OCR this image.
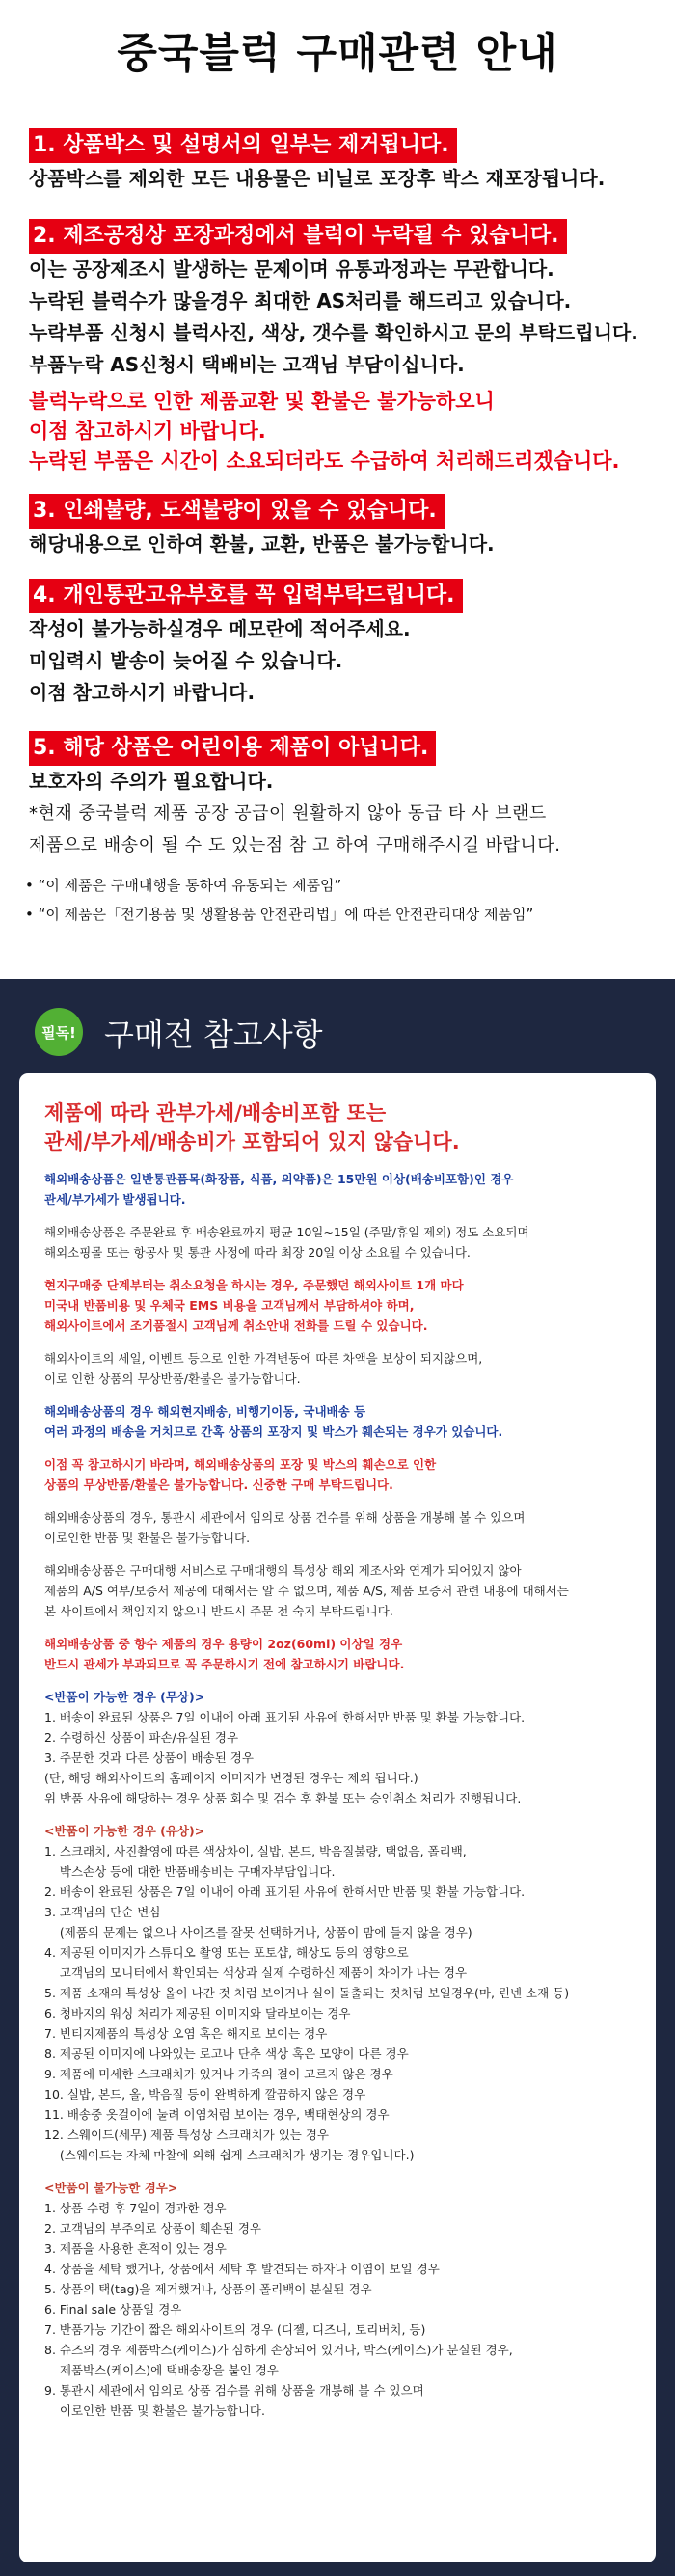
중국블럭 구매관련 안내
1. 상품박스 및 설명서의 일부는 제거됩니다.
상품박스를 제외한 모든 내용물은 비닐로 포장후 박스 재포장됩니다.
2. 제조공정상 포장과정에서 블럭이 누락될 수 있습니다.
이는 공장제조시 발생하는 문제이며 유통과정과는 무관합니다.
누락된 블럭수가 많을경우 최대한 AS처리를 해드리고 있습니다.
누락부품 신청시 블럭사진, 색상, 갯수를 확인하시고 문의 부탁드립니다.
부품누락 AS신청시 택배비는 고객님 부담이십니다.
블럭누락으로 인한 제품교환 및 환불은 불가능하오니
이점 참고하시기 바랍니다.
누락된 부품은 시간이 소요되더라도 수급하여 처리해드리겠습니다.
3. 인쇄불량, 도색불량이 있을 수 있습니다.
해당내용으로 인하여 환불, 교환, 반품은 불가능합니다.
4. 개인통관고유부호를 꼭 입력부탁드립니다.
작성이 불가능하실경우 메모란에 적어주세요.
미입력시 발송이 늦어질 수 있습니다.
이점 참고하시기 바랍니다.
5. 해당 상품은 어린이용 제품이 아닙니다.
보호자의 주의가 필요합니다.
*현재 중국블럭 제품 공장 공급이 원활하지 않아 동급 타 사 브랜드
제품으로 배송이 될 수 도 있는점 참 고 하여 구매해주시길 바랍니다.
• “이 제품은 구매대행을 통하여 유통되는 제품임”
• “이 제품은「전기용품 및 생활용품 안전관리법」에 따른 안전관리대상 제품임”
필독! 구매전 참고사항
제품에 따라 관부가세/배송비포함 또는
관세/부가세/배송비가 포함되어 있지 않습니다.
해외배송상품은 일반통관품목(화장품, 식품, 의약품)은 15만원 이상(배송비포함)인 경우
관세/부가세가 발생됩니다.
해외배송상품은 주문완료 후 배송완료까지 평균 10일~15일 (주말/휴일 제외) 정도 소요되며
해외소핑몰 또는 항공사 및 통관 사정에 따라 최장 20일 이상 소요될 수 있습니다.
현지구매중 단계부터는 취소요청을 하시는 경우, 주문했던 해외사이트 1개 마다
미국내 반품비용 및 우체국 EMS 비용을 고객님께서 부담하셔야 하며,
해외사이트에서 조기품절시 고객님께 취소안내 전화를 드릴 수 있습니다.
해외사이트의 세일, 이벤트 등으로 인한 가격변동에 따른 차액을 보상이 되지않으며,
이로 인한 상품의 무상반품/환불은 불가능합니다.
해외배송상품의 경우 해외현지배송, 비행기이동, 국내배송 등
여러 과정의 배송을 거치므로 간혹 상품의 포장지 및 박스가 훼손되는 경우가 있습니다.
이점 꼭 참고하시기 바라며, 해외배송상품의 포장 및 박스의 훼손으로 인한
상품의 무상반품/환불은 불가능합니다. 신중한 구매 부탁드립니다.
해외배송상품의 경우, 통관시 세관에서 임의로 상품 건수를 위해 상품을 개봉해 볼 수 있으며
이로인한 반품 및 환불은 불가능합니다.
해외배송상품은 구매대행 서비스로 구매대행의 특성상 해외 제조사와 연계가 되어있지 않아
제품의 A/S 여부/보증서 제공에 대해서는 알 수 없으며, 제품 A/S, 제품 보증서 관련 내용에 대해서는
본 사이트에서 책임지지 않으니 반드시 주문 전 숙지 부탁드립니다.
해외배송상품 중 향수 제품의 경우 용량이 2oz(60ml) 이상일 경우
반드시 관세가 부과되므로 꼭 주문하시기 전에 참고하시기 바랍니다.
<반품이 가능한 경우 (무상)>
1. 배송이 완료된 상품은 7일 이내에 아래 표기된 사유에 한해서만 반품 및 환불 가능합니다.
2. 수령하신 상품이 파손/유실된 경우
3. 주문한 것과 다른 상품이 배송된 경우
(단, 해당 해외사이트의 홈페이지 이미지가 변경된 경우는 제외 됩니다.)
위 반품 사유에 해당하는 경우 상품 회수 및 검수 후 환불 또는 승인취소 처리가 진행됩니다.
<반품이 가능한 경우 (유상)>
1. 스크래치, 사진촬영에 따른 색상차이, 실밥, 본드, 박음질불량, 택없음, 폴리백,
박스손상 등에 대한 반품배송비는 구매자부담입니다.
2. 배송이 완료된 상품은 7일 이내에 아래 표기된 사유에 한해서만 반품 및 환불 가능합니다.
3. 고객님의 단순 변심
(제품의 문제는 없으나 사이즈를 잘못 선택하거나, 상품이 맘에 들지 않을 경우)
4. 제공된 이미지가 스튜디오 촬영 또는 포토샵, 해상도 등의 영향으로
고객님의 모니터에서 확인되는 색상과 실제 수령하신 제품이 차이가 나는 경우
5. 제품 소재의 특성상 올이 나간 것 처럼 보이거나 실이 돌출되는 것처럼 보일경우(마, 린넨 소재 등)
6. 청바지의 워싱 처리가 제공된 이미지와 달라보이는 경우
7. 빈티지제품의 특성상 오염 혹은 해지로 보이는 경우
8. 제공된 이미지에 나와있는 로고나 단추 색상 혹은 모양이 다른 경우
9. 제품에 미세한 스크래치가 있거나 가죽의 결이 고르지 않은 경우
10. 실밥, 본드, 올, 박음질 등이 완벽하게 깔끔하지 않은 경우
11. 배송중 옷걸이에 눌려 이염처럼 보이는 경우, 백태현상의 경우
12. 스웨이드(세무) 제품 특성상 스크래치가 있는 경우
(스웨이드는 자체 마찰에 의해 쉽게 스크래치가 생기는 경우입니다.)
<반품이 불가능한 경우>
1. 상품 수령 후 7일이 경과한 경우
2. 고객님의 부주의로 상품이 훼손된 경우
3. 제품을 사용한 흔적이 있는 경우
4. 상품을 세탁 했거나, 상품에서 세탁 후 발견되는 하자나 이염이 보일 경우
5. 상품의 택(tag)을 제거했거나, 상품의 폴리백이 분실된 경우
6. Final sale 상품일 경우
7. 반품가능 기간이 짧은 해외사이트의 경우 (디젤, 디즈니, 토리버치, 등)
8. 슈즈의 경우 제품박스(케이스)가 심하게 손상되어 있거나, 박스(케이스)가 분실된 경우,
제품박스(케이스)에 택배송장을 붙인 경우
9. 통관시 세관에서 임의로 상품 검수를 위해 상품을 개봉해 볼 수 있으며
이로인한 반품 및 환불은 불가능합니다.
